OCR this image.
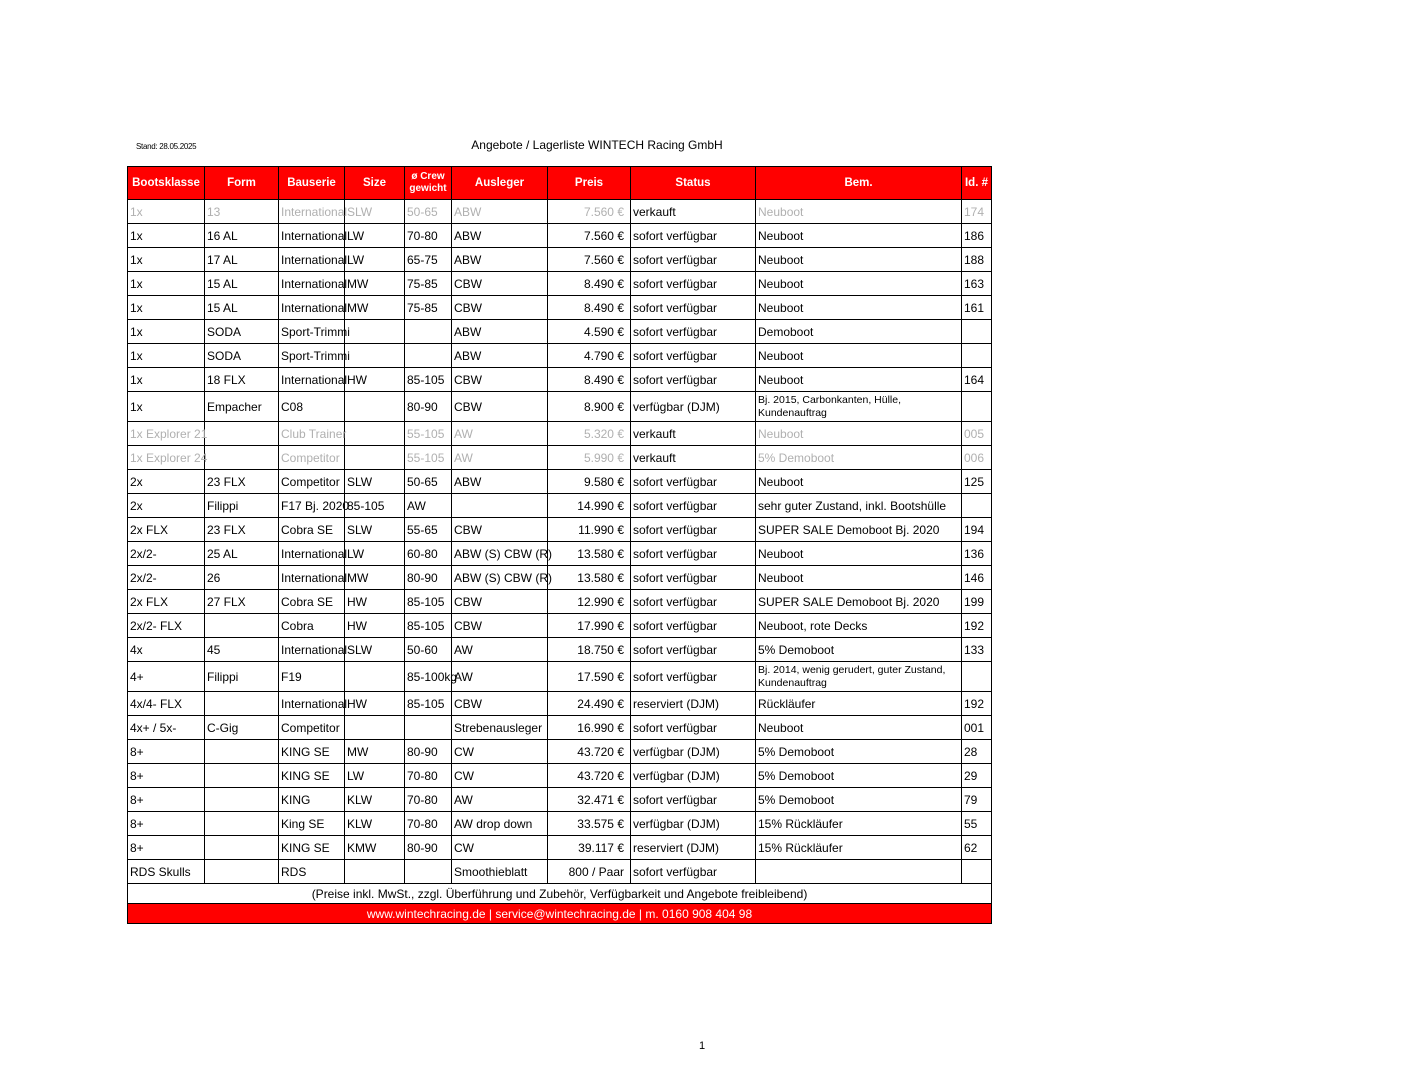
Stand: 28.05.2025	Angebote / Lagerliste WINTECH Racing GmbH
Bootsklasse	Form	Bauserie	Size	ø Crew gewicht	Ausleger	Preis	Status	Bem.	Id. #
1x	13	International	SLW	50-65	ABW	7.560 €	verkauft	Neuboot	174
1x	16 AL	International	LW	70-80	ABW	7.560 €	sofort verfügbar	Neuboot	186
1x	17 AL	International	LW	65-75	ABW	7.560 €	sofort verfügbar	Neuboot	188
1x	15 AL	International	MW	75-85	CBW	8.490 €	sofort verfügbar	Neuboot	163
1x	15 AL	International	MW	75-85	CBW	8.490 €	sofort verfügbar	Neuboot	161
1x	SODA	Sport-Trimmi			ABW	4.590 €	sofort verfügbar	Demoboot	
1x	SODA	Sport-Trimmi			ABW	4.790 €	sofort verfügbar	Neuboot	
1x	18 FLX	International	HW	85-105	CBW	8.490 €	sofort verfügbar	Neuboot	164
1x	Empacher	C08		80-90	CBW	8.900 €	verfügbar (DJM)	Bj. 2015, Carbonkanten, Hülle, Kundenauftrag	
1x Explorer 21		Club Trainer		55-105	AW	5.320 €	verkauft	Neuboot	005
1x Explorer 24		Competitor		55-105	AW	5.990 €	verkauft	5% Demoboot	006
2x	23 FLX	Competitor	SLW	50-65	ABW	9.580 €	sofort verfügbar	Neuboot	125
2x	Filippi	F17 Bj. 2020	85-105	AW		14.990 €	sofort verfügbar	sehr guter Zustand, inkl. Bootshülle	
2x FLX	23 FLX	Cobra SE	SLW	55-65	CBW	11.990 €	sofort verfügbar	SUPER SALE Demoboot Bj. 2020	194
2x/2-	25 AL	International	LW	60-80	ABW (S) CBW (R)	13.580 €	sofort verfügbar	Neuboot	136
2x/2-	26	International	MW	80-90	ABW (S) CBW (R)	13.580 €	sofort verfügbar	Neuboot	146
2x FLX	27 FLX	Cobra SE	HW	85-105	CBW	12.990 €	sofort verfügbar	SUPER SALE Demoboot Bj. 2020	199
2x/2- FLX		Cobra	HW	85-105	CBW	17.990 €	sofort verfügbar	Neuboot, rote Decks	192
4x	45	International	SLW	50-60	AW	18.750 €	sofort verfügbar	5% Demoboot	133
4+	Filippi	F19		85-100kg	AW	17.590 €	sofort verfügbar	Bj. 2014, wenig gerudert, guter Zustand, Kundenauftrag	
4x/4- FLX		International	HW	85-105	CBW	24.490 €	reserviert (DJM)	Rückläufer	192
4x+ / 5x-	C-Gig	Competitor			Strebenausleger	16.990 €	sofort verfügbar	Neuboot	001
8+		KING SE	MW	80-90	CW	43.720 €	verfügbar (DJM)	5% Demoboot	28
8+		KING SE	LW	70-80	CW	43.720 €	verfügbar (DJM)	5% Demoboot	29
8+		KING	KLW	70-80	AW	32.471 €	sofort verfügbar	5% Demoboot	79
8+		King SE	KLW	70-80	AW drop down	33.575 €	verfügbar (DJM)	15% Rückläufer	55
8+		KING SE	KMW	80-90	CW	39.117 €	reserviert (DJM)	15% Rückläufer	62
RDS Skulls		RDS			Smoothieblatt	800 / Paar	sofort verfügbar		
(Preise inkl. MwSt., zzgl. Überführung und Zubehör, Verfügbarkeit und Angebote freibleibend)									
www.wintechracing.de | service@wintechracing.de | m. 0160 908 404 98									
1
